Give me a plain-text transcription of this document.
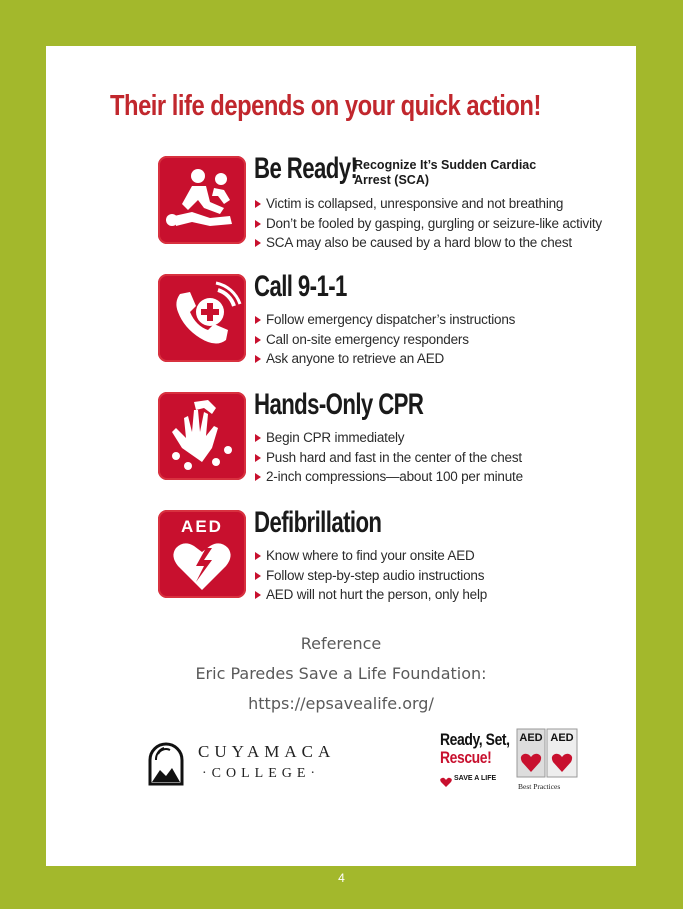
Their life depends on your quick action!
Be Ready!
Recognize It’s Sudden Cardiac Arrest (SCA)
Victim is collapsed, unresponsive and not breathing
Don’t be fooled by gasping, gurgling or seizure-like activity
SCA may also be caused by a hard blow to the chest
Call 9-1-1
Follow emergency dispatcher’s instructions
Call on-site emergency responders
Ask anyone to retrieve an AED
Hands-Only CPR
Begin CPR immediately
Push hard and fast in the center of the chest
2-inch compressions—about 100 per minute
AED Defibrillation
Know where to find your onsite AED
Follow step-by-step audio instructions
AED will not hurt the person, only help
Reference
Eric Paredes Save a Life Foundation:
https://epsavealife.org/
CUYAMACA
·COLLEGE·
Ready, Set,
Rescue!
SAVE A LIFE
AED AED
Best Practices
4
